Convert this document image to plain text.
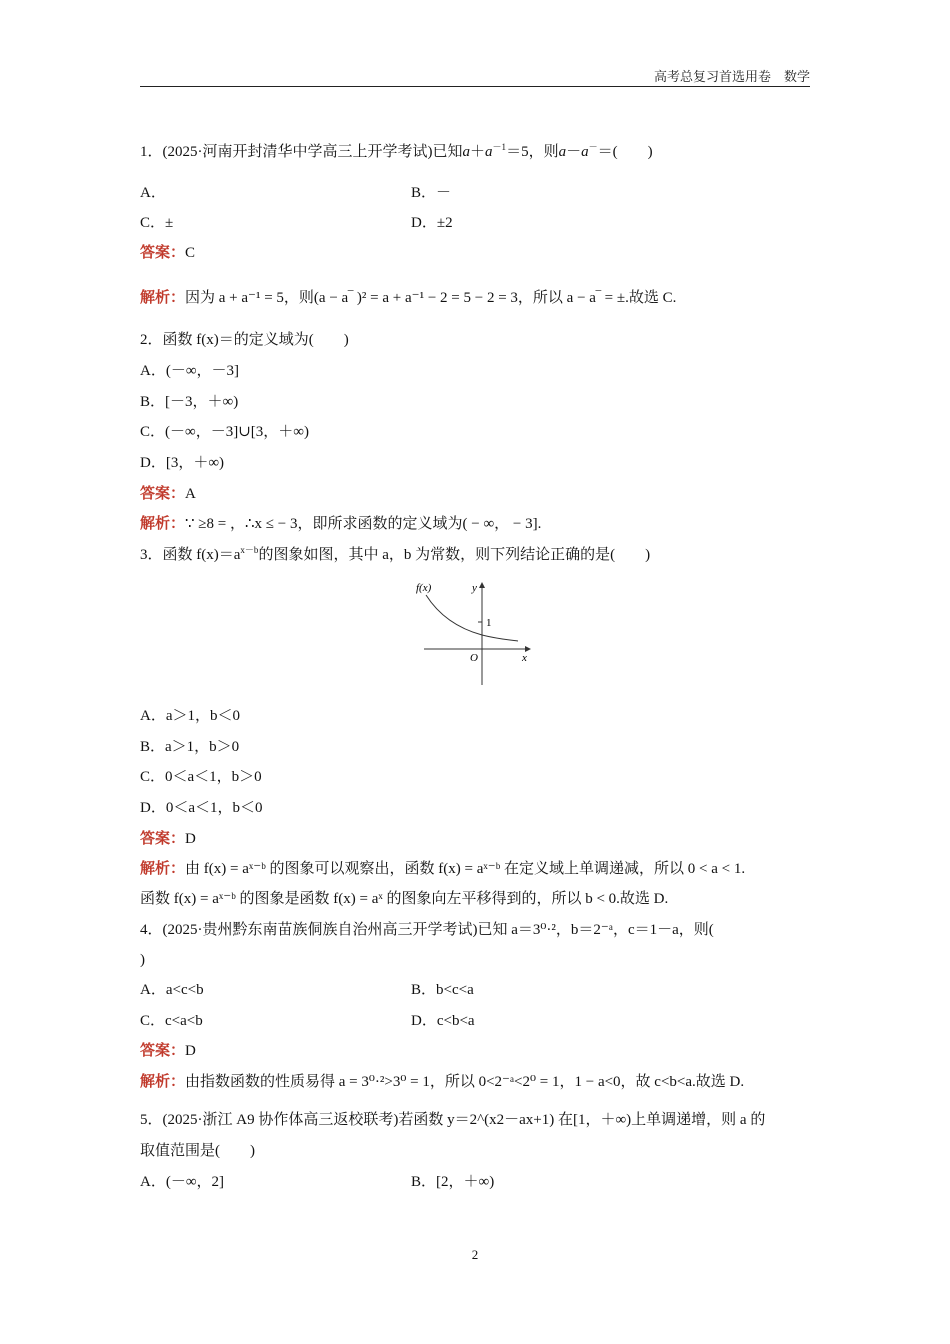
高考总复习首选用卷　数学
1．(2025·河南开封清华中学高三上开学考试)已知$a+a^{-1}=5$，则a－a－＝(　　)
A．	B．－
C．±	D．±2
答案：C
解析：因为 a + a⁻¹ = 5，则(a − a‾ )² = a + a⁻¹ − 2 = 5 − 2 = 3，所以 a − a‾ = ±.故选 C.
2．函数 f(x)＝的定义域为(　　)
A．(－∞，－3]
B．[－3，＋∞)
C．(－∞，－3]∪[3，＋∞)
D．[3，＋∞)
答案：A
解析：∵ ≥8 = ，∴x ≤ − 3，即所求函数的定义域为( − ∞， − 3].
3．函数 $f(x)=a^{x-b}$的图象如图，其中 a，b 为常数，则下列结论正确的是(　　)
f(x)	y
x
O
1
A．a＞1，b＜0
B．a＞1，b＞0
C．0＜a＜1，b＞0
D．0＜a＜1，b＜0
答案：D
解析：由 f(x) = aˣ⁻ᵇ 的图象可以观察出，函数 f(x) = aˣ⁻ᵇ 在定义域上单调递减，所以 0 < a < 1.
函数 f(x) = aˣ⁻ᵇ 的图象是函数 f(x) = aˣ 的图象向左平移得到的，所以 b < 0.故选 D.
4．(2025·贵州黔东南苗族侗族自治州高三开学考试)已知 a＝3⁰·²，b＝2⁻ᵃ，c＝1－a，则(
)
A．a<c<b	B．b<c<a
C．c<a<b	D．c<b<a
答案：D
解析：由指数函数的性质易得 a = 3⁰·²>3⁰ = 1，所以 0<2⁻ᵃ<2⁰ = 1，1 − a<0，故 c<b<a.故选 D.
5．(2025·浙江 A9 协作体高三返校联考)若函数 y＝2^(x2－ax+1) 在[1，＋∞)上单调递增，则 a 的
取值范围是(　　)
A．(－∞，2]	B．[2，＋∞)
2
